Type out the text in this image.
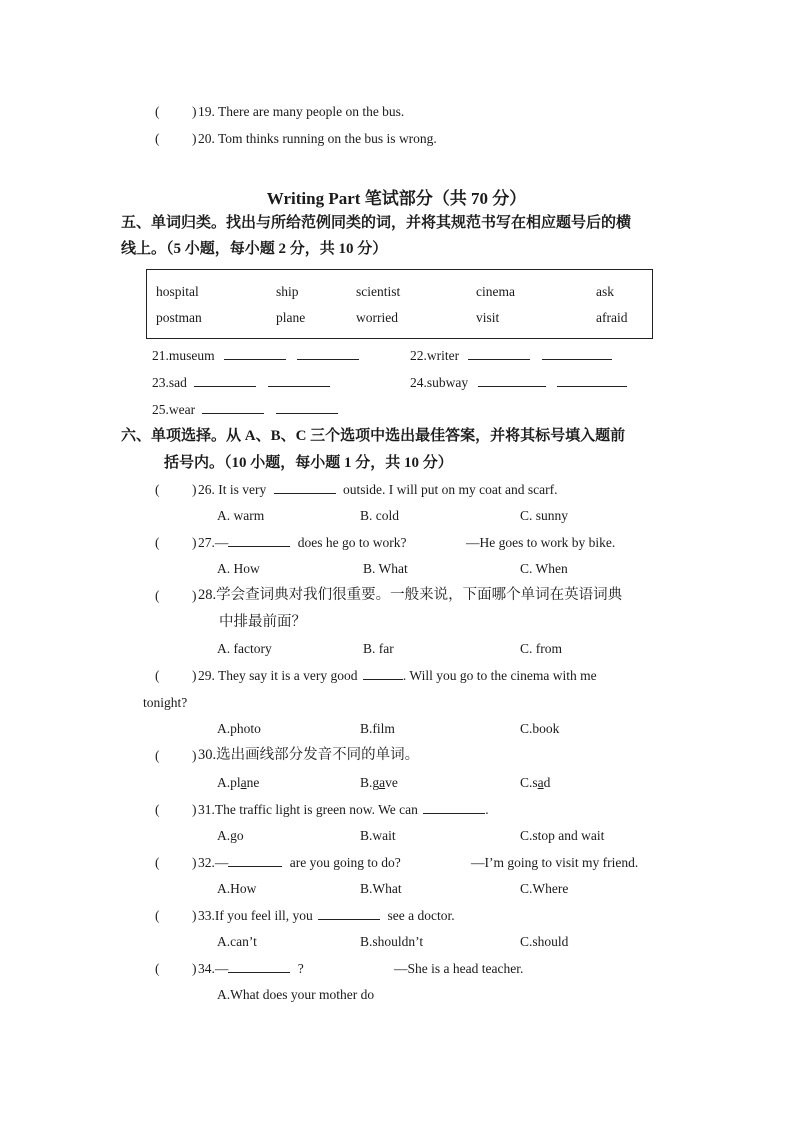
( ) 19. There are many people on the bus.
( ) 20. Tom thinks running on the bus is wrong.
Writing Part 笔试部分（共 70 分）
五、单词归类。找出与所给范例同类的词，并将其规范书写在相应题号后的横
线上。（5 小题，每小题 2 分，共 10 分）
hospital	ship	scientist	cinema	ask
postman	plane	worried	visit	afraid
21.museum	22.writer
23.sad	24.subway
25.wear
六、单项选择。从 A、B、C 三个选项中选出最佳答案，并将其标号填入题前
括号内。（10 小题，每小题 1 分，共 10 分）
( ) 26. It is very	outside. I will put on my coat and scarf.
A. warm	B. cold	C. sunny
( ) 27.—	does he go to work?	—He goes to work by bike.
A. How	B. What	C. When
( ) 28.学会查词典对我们很重要。一般来说，下面哪个单词在英语词典
中排最前面？
A. factory	B. far	C. from
( ) 29. They say it is a very good	. Will you go to the cinema with me
tonight?
A.photo	B.film	C.book
( ) 30.选出画线部分发音不同的单词。
A.plane	B.gave	C.sad
( ) 31.The traffic light is green now. We can	.
A.go	B.wait	C.stop and wait
( ) 32.—	are you going to do?	—I’m going to visit my friend.
A.How	B.What	C.Where
( ) 33.If you feel ill, you	see a doctor.
A.can’t	B.shouldn’t	C.should
( ) 34.—	?	—She is a head teacher.
A.What does your mother do
